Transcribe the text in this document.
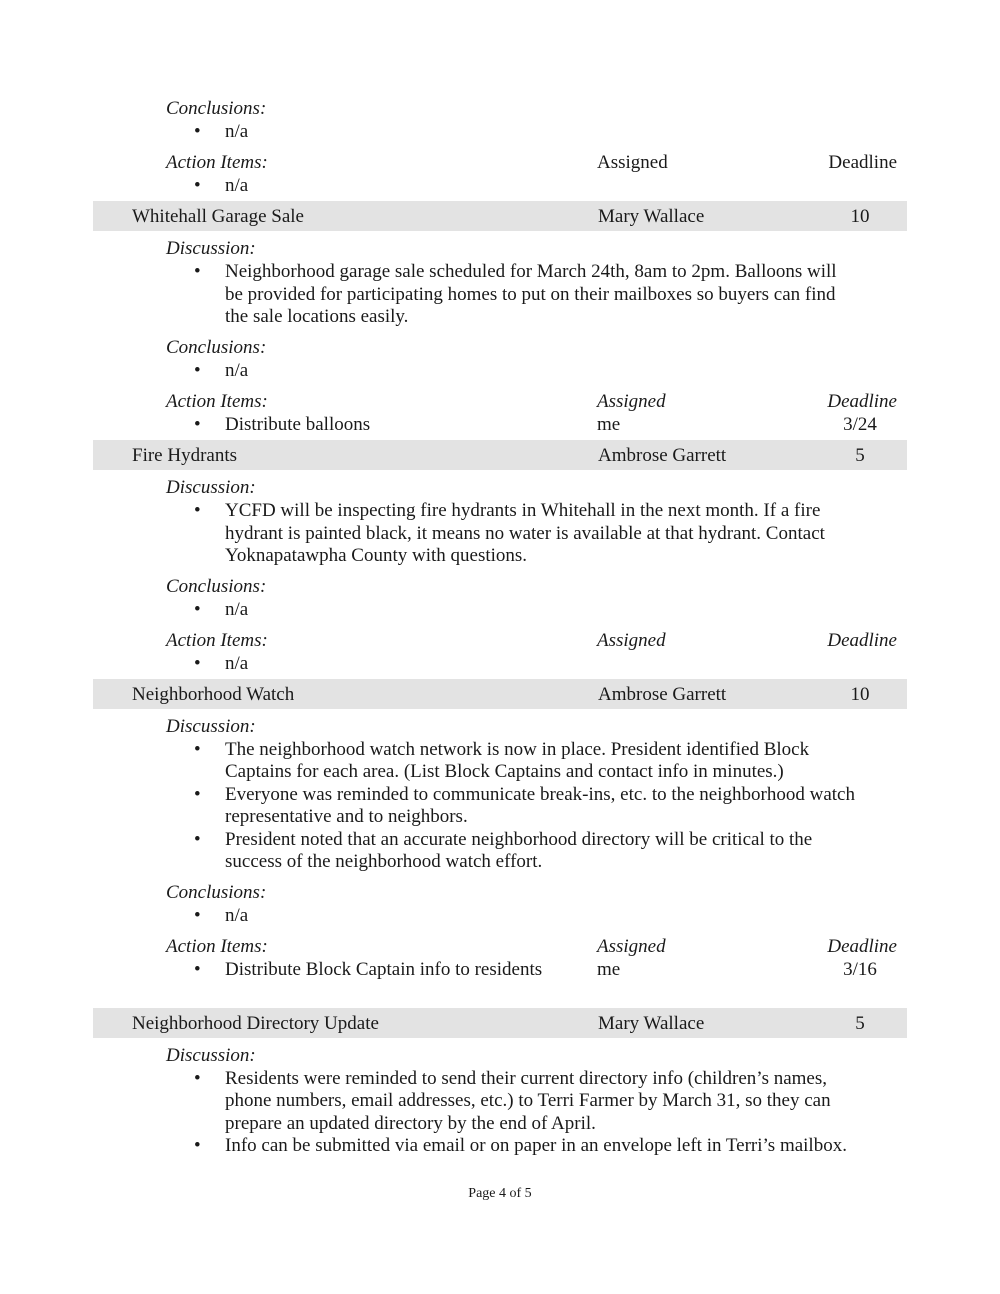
Conclusions:
• n/a
Action Items:	Assigned	Deadline
• n/a
Whitehall Garage Sale	Mary Wallace	10
Discussion:
• Neighborhood garage sale scheduled for March 24th, 8am to 2pm. Balloons will
be provided for participating homes to put on their mailboxes so buyers can find
the sale locations easily.
Conclusions:
• n/a
Action Items:	Assigned	Deadline
• Distribute balloons	me	3/24
Fire Hydrants	Ambrose Garrett	5
Discussion:
• YCFD will be inspecting fire hydrants in Whitehall in the next month. If a fire
hydrant is painted black, it means no water is available at that hydrant. Contact
Yoknapatawpha County with questions.
Conclusions:
• n/a
Action Items:	Assigned	Deadline
• n/a
Neighborhood Watch	Ambrose Garrett	10
Discussion:
• The neighborhood watch network is now in place. President identified Block
Captains for each area. (List Block Captains and contact info in minutes.)
• Everyone was reminded to communicate break-ins, etc. to the neighborhood watch
representative and to neighbors.
• President noted that an accurate neighborhood directory will be critical to the
success of the neighborhood watch effort.
Conclusions:
• n/a
Action Items:	Assigned	Deadline
• Distribute Block Captain info to residents	me	3/16
Neighborhood Directory Update	Mary Wallace	5
Discussion:
• Residents were reminded to send their current directory info (children’s names,
phone numbers, email addresses, etc.) to Terri Farmer by March 31, so they can
prepare an updated directory by the end of April.
• Info can be submitted via email or on paper in an envelope left in Terri’s mailbox.
Page 4 of 5
